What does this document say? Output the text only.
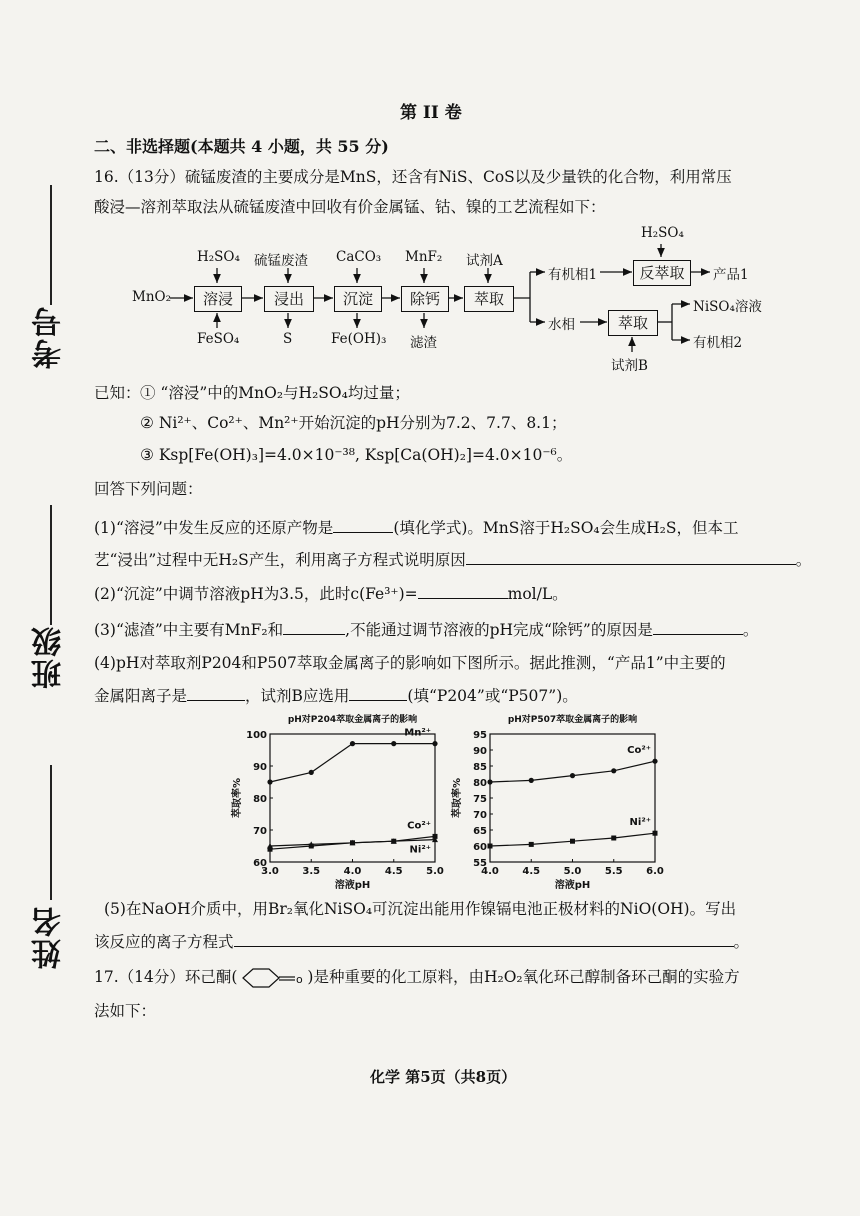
考号
班级
姓名
第 II 卷
二、非选择题(本题共 4 小题，共 55 分)
16.（13分）硫锰废渣的主要成分是MnS，还含有NiS、CoS以及少量铁的化合物，利用常压
酸浸—溶剂萃取法从硫锰废渣中回收有价金属锰、钴、镍的工艺流程如下：
MnO₂	溶浸	浸出	沉淀	除钙	萃取
反萃取
萃取
H₂SO₄ 硫锰废渣 CaCO₃ MnF₂ 试剂A
H₂SO₄
FeSO₄	S	Fe(OH)₃ 滤渣
试剂B
有机相1
水相
产品1
NiSO₄溶液
有机相2
已知： ① “溶浸”中的MnO₂与H₂SO₄均过量；
② Ni²⁺、Co²⁺、Mn²⁺开始沉淀的pH分别为7.2、7.7、8.1；
③ Ksp[Fe(OH)₃]=4.0×10⁻³⁸, Ksp[Ca(OH)₂]=4.0×10⁻⁶。
回答下列问题：
(1)“溶浸”中发生反应的还原产物是	(填化学式)。MnS溶于H₂SO₄会生成H₂S，但本工
艺“浸出”过程中无H₂S产生，利用离子方程式说明原因	。
(2)“沉淀”中调节溶液pH为3.5，此时c(Fe³⁺)=	mol/L。
(3)“滤渣”中主要有MnF₂和	,不能通过调节溶液的pH完成“除钙”的原因是	。
(4)pH对萃取剂P204和P507萃取金属离子的影响如下图所示。据此推测，“产品1”中主要的
金属阳离子是	，试剂B应选用	(填“P204”或“P507”)。
pH对P204萃取金属离子的影响
3.0 3.5 4.0 4.5 5.0
60
70
80
90
100
溶液pH
萃取率%
Mn²⁺
Co²⁺
Ni²⁺
pH对P507萃取金属离子的影响
4.0 4.5 5.0 5.5 6.0
55
60
65
70
75
80
85
90
95
溶液pH
萃取率%
Co²⁺
Ni²⁺
(5)在NaOH介质中，用Br₂氧化NiSO₄可沉淀出能用作镍镉电池正极材料的NiO(OH)。写出
该反应的离子方程式	。
17.（14分）环己酮(	o )是种重要的化工原料，由H₂O₂氧化环己醇制备环己酮的实验方
法如下：
化学 第5页（共8页）
